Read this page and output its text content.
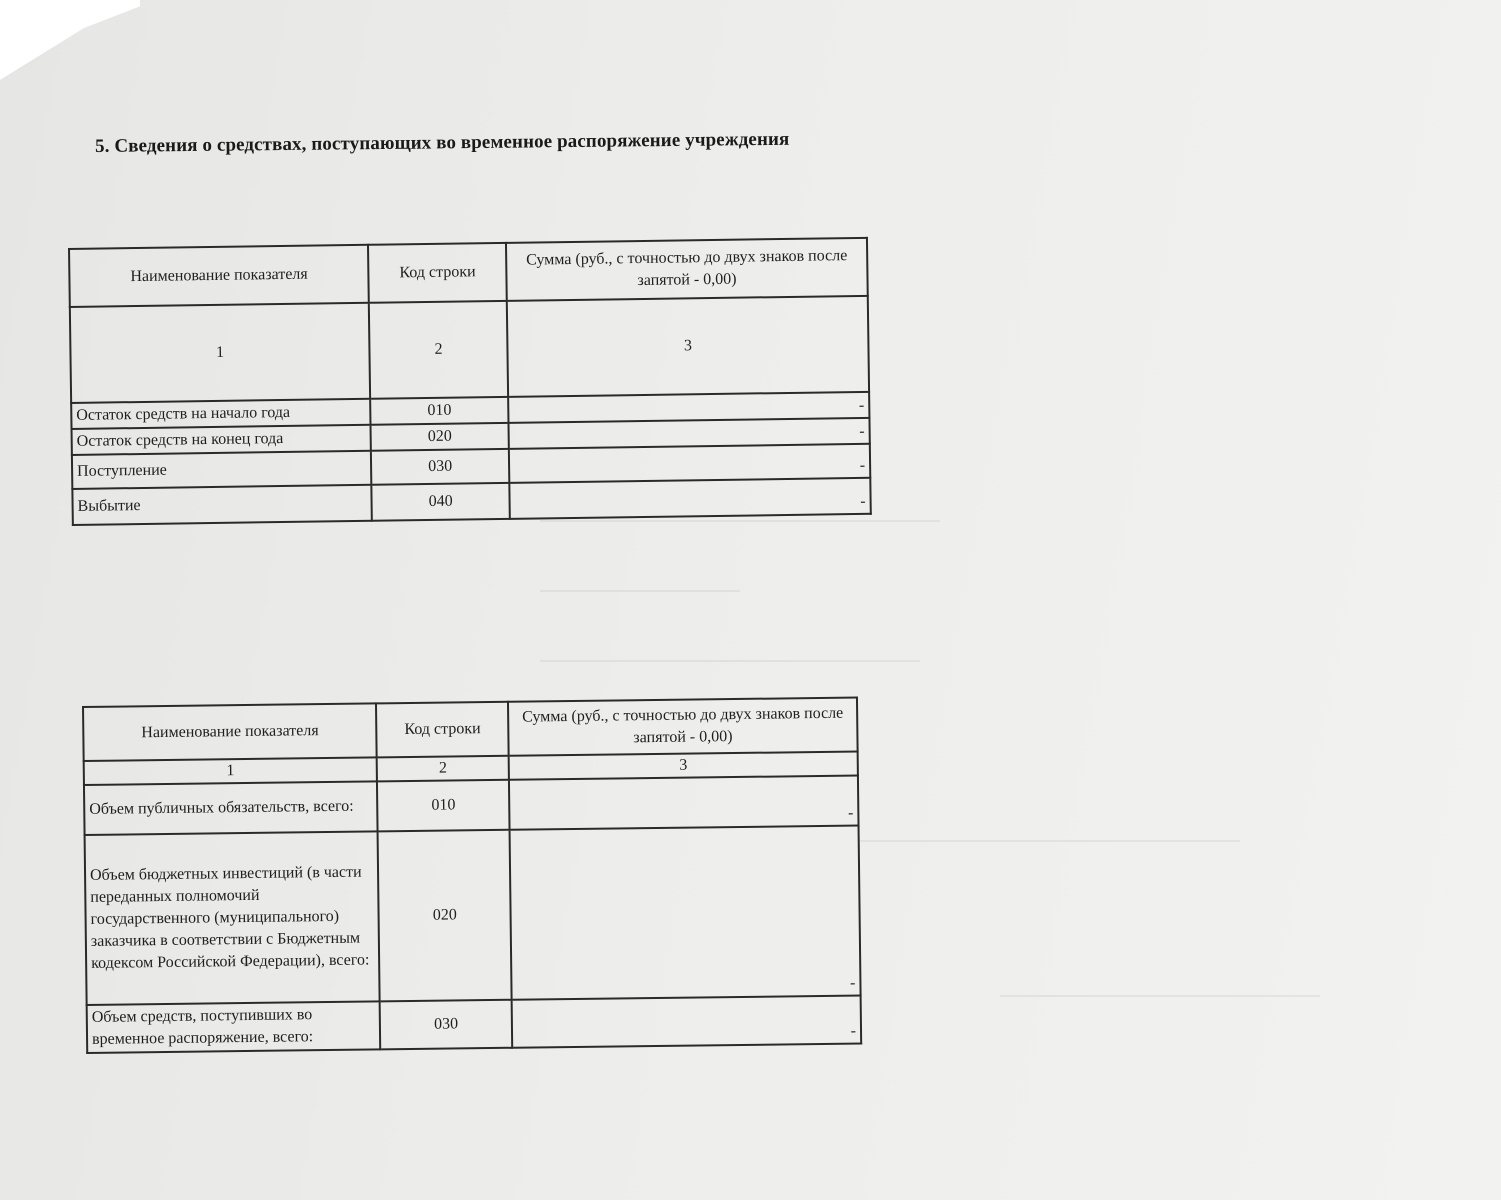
5. Сведения о средствах, поступающих во временное распоряжение учреждения
Наименование показателя	Код строки	Сумма (руб., с точностью до двух знаков после запятой - 0,00)
1	2	3
Остаток средств на начало года	010	-
Остаток средств на конец года	020	-
Поступление	030	-
Выбытие	040	-
Наименование показателя	Код строки	Сумма (руб., с точностью до двух знаков после запятой - 0,00)
1	2	3
Объем публичных обязательств, всего:	010	-
Объем бюджетных инвестиций (в части переданных полномочий государственного (муниципального) заказчика в соответствии с Бюджетным кодексом Российской Федерации), всего:	020	-
Объем средств, поступивших во временное распоряжение, всего:	030	-
